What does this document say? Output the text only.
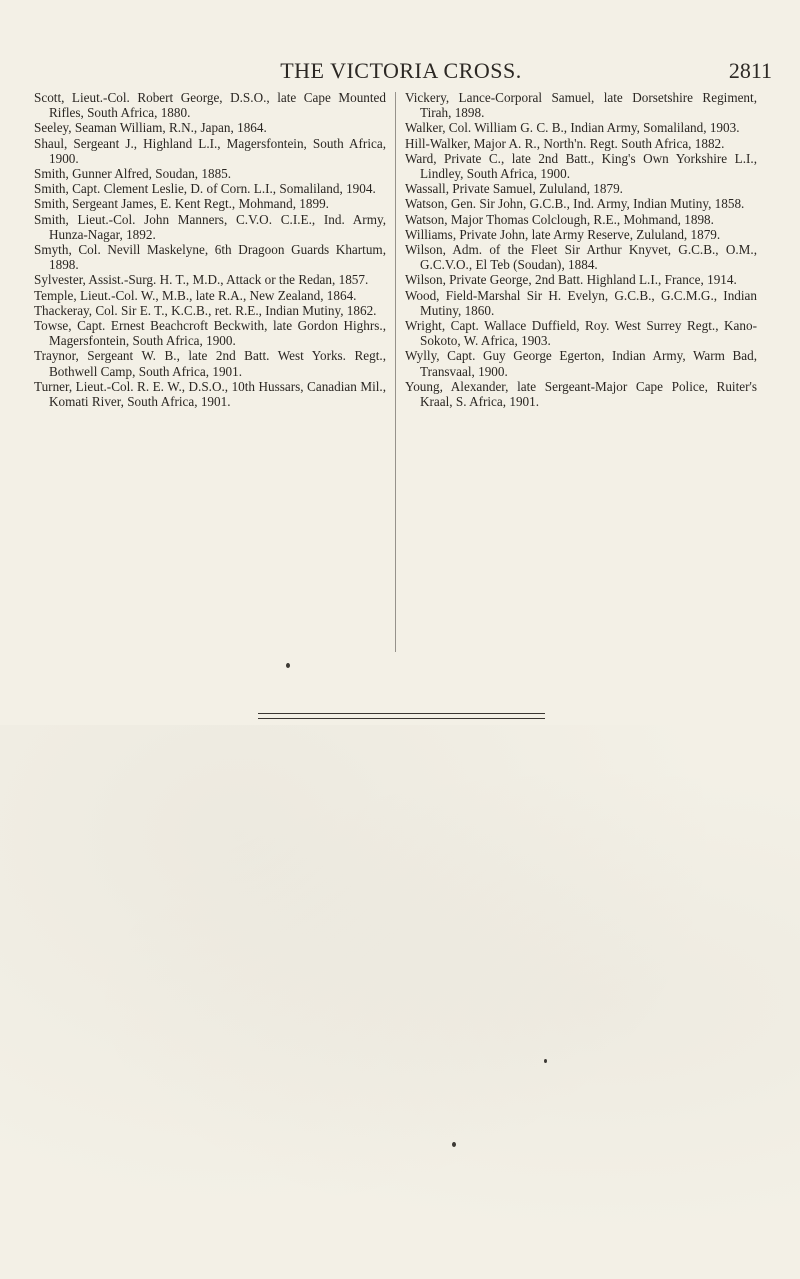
THE VICTORIA CROSS.	2811

Scott, Lieut.-Col. Robert George, D.S.O., late Cape Mounted Rifles, South Africa, 1880.

Seeley, Seaman William, R.N., Japan, 1864.

Shaul, Sergeant J., Highland L.I., Magersfontein, South Africa, 1900.

Smith, Gunner Alfred, Soudan, 1885.

Smith, Capt. Clement Leslie, D. of Corn. L.I., Somaliland, 1904.

Smith, Sergeant James, E. Kent Regt., Mohmand, 1899.

Smith, Lieut.-Col. John Manners, C.V.O. C.I.E., Ind. Army, Hunza-Nagar, 1892.

Smyth, Col. Nevill Maskelyne, 6th Dragoon Guards Khartum, 1898.

Sylvester, Assist.-Surg. H. T., M.D., Attack or the Redan, 1857.

Temple, Lieut.-Col. W., M.B., late R.A., New Zealand, 1864.

Thackeray, Col. Sir E. T., K.C.B., ret. R.E., Indian Mutiny, 1862.

Towse, Capt. Ernest Beachcroft Beckwith, late Gordon Highrs., Magersfontein, South Africa, 1900.

Traynor, Sergeant W. B., late 2nd Batt. West Yorks. Regt., Bothwell Camp, South Africa, 1901.

Turner, Lieut.-Col. R. E. W., D.S.O., 10th Hussars, Canadian Mil., Komati River, South Africa, 1901.

Vickery, Lance-Corporal Samuel, late Dorsetshire Regiment, Tirah, 1898.

Walker, Col. William G. C. B., Indian Army, Somaliland, 1903.

Hill-Walker, Major A. R., North'n. Regt. South Africa, 1882.

Ward, Private C., late 2nd Batt., King's Own Yorkshire L.I., Lindley, South Africa, 1900.

Wassall, Private Samuel, Zululand, 1879.

Watson, Gen. Sir John, G.C.B., Ind. Army, Indian Mutiny, 1858.

Watson, Major Thomas Colclough, R.E., Mohmand, 1898.

Williams, Private John, late Army Reserve, Zululand, 1879.

Wilson, Adm. of the Fleet Sir Arthur Knyvet, G.C.B., O.M., G.C.V.O., El Teb (Soudan), 1884.

Wilson, Private George, 2nd Batt. Highland L.I., France, 1914.

Wood, Field-Marshal Sir H. Evelyn, G.C.B., G.C.M.G., Indian Mutiny, 1860.

Wright, Capt. Wallace Duffield, Roy. West Surrey Regt., Kano-Sokoto, W. Africa, 1903.

Wylly, Capt. Guy George Egerton, Indian Army, Warm Bad, Transvaal, 1900.

Young, Alexander, late Sergeant-Major Cape Police, Ruiter's Kraal, S. Africa, 1901.
